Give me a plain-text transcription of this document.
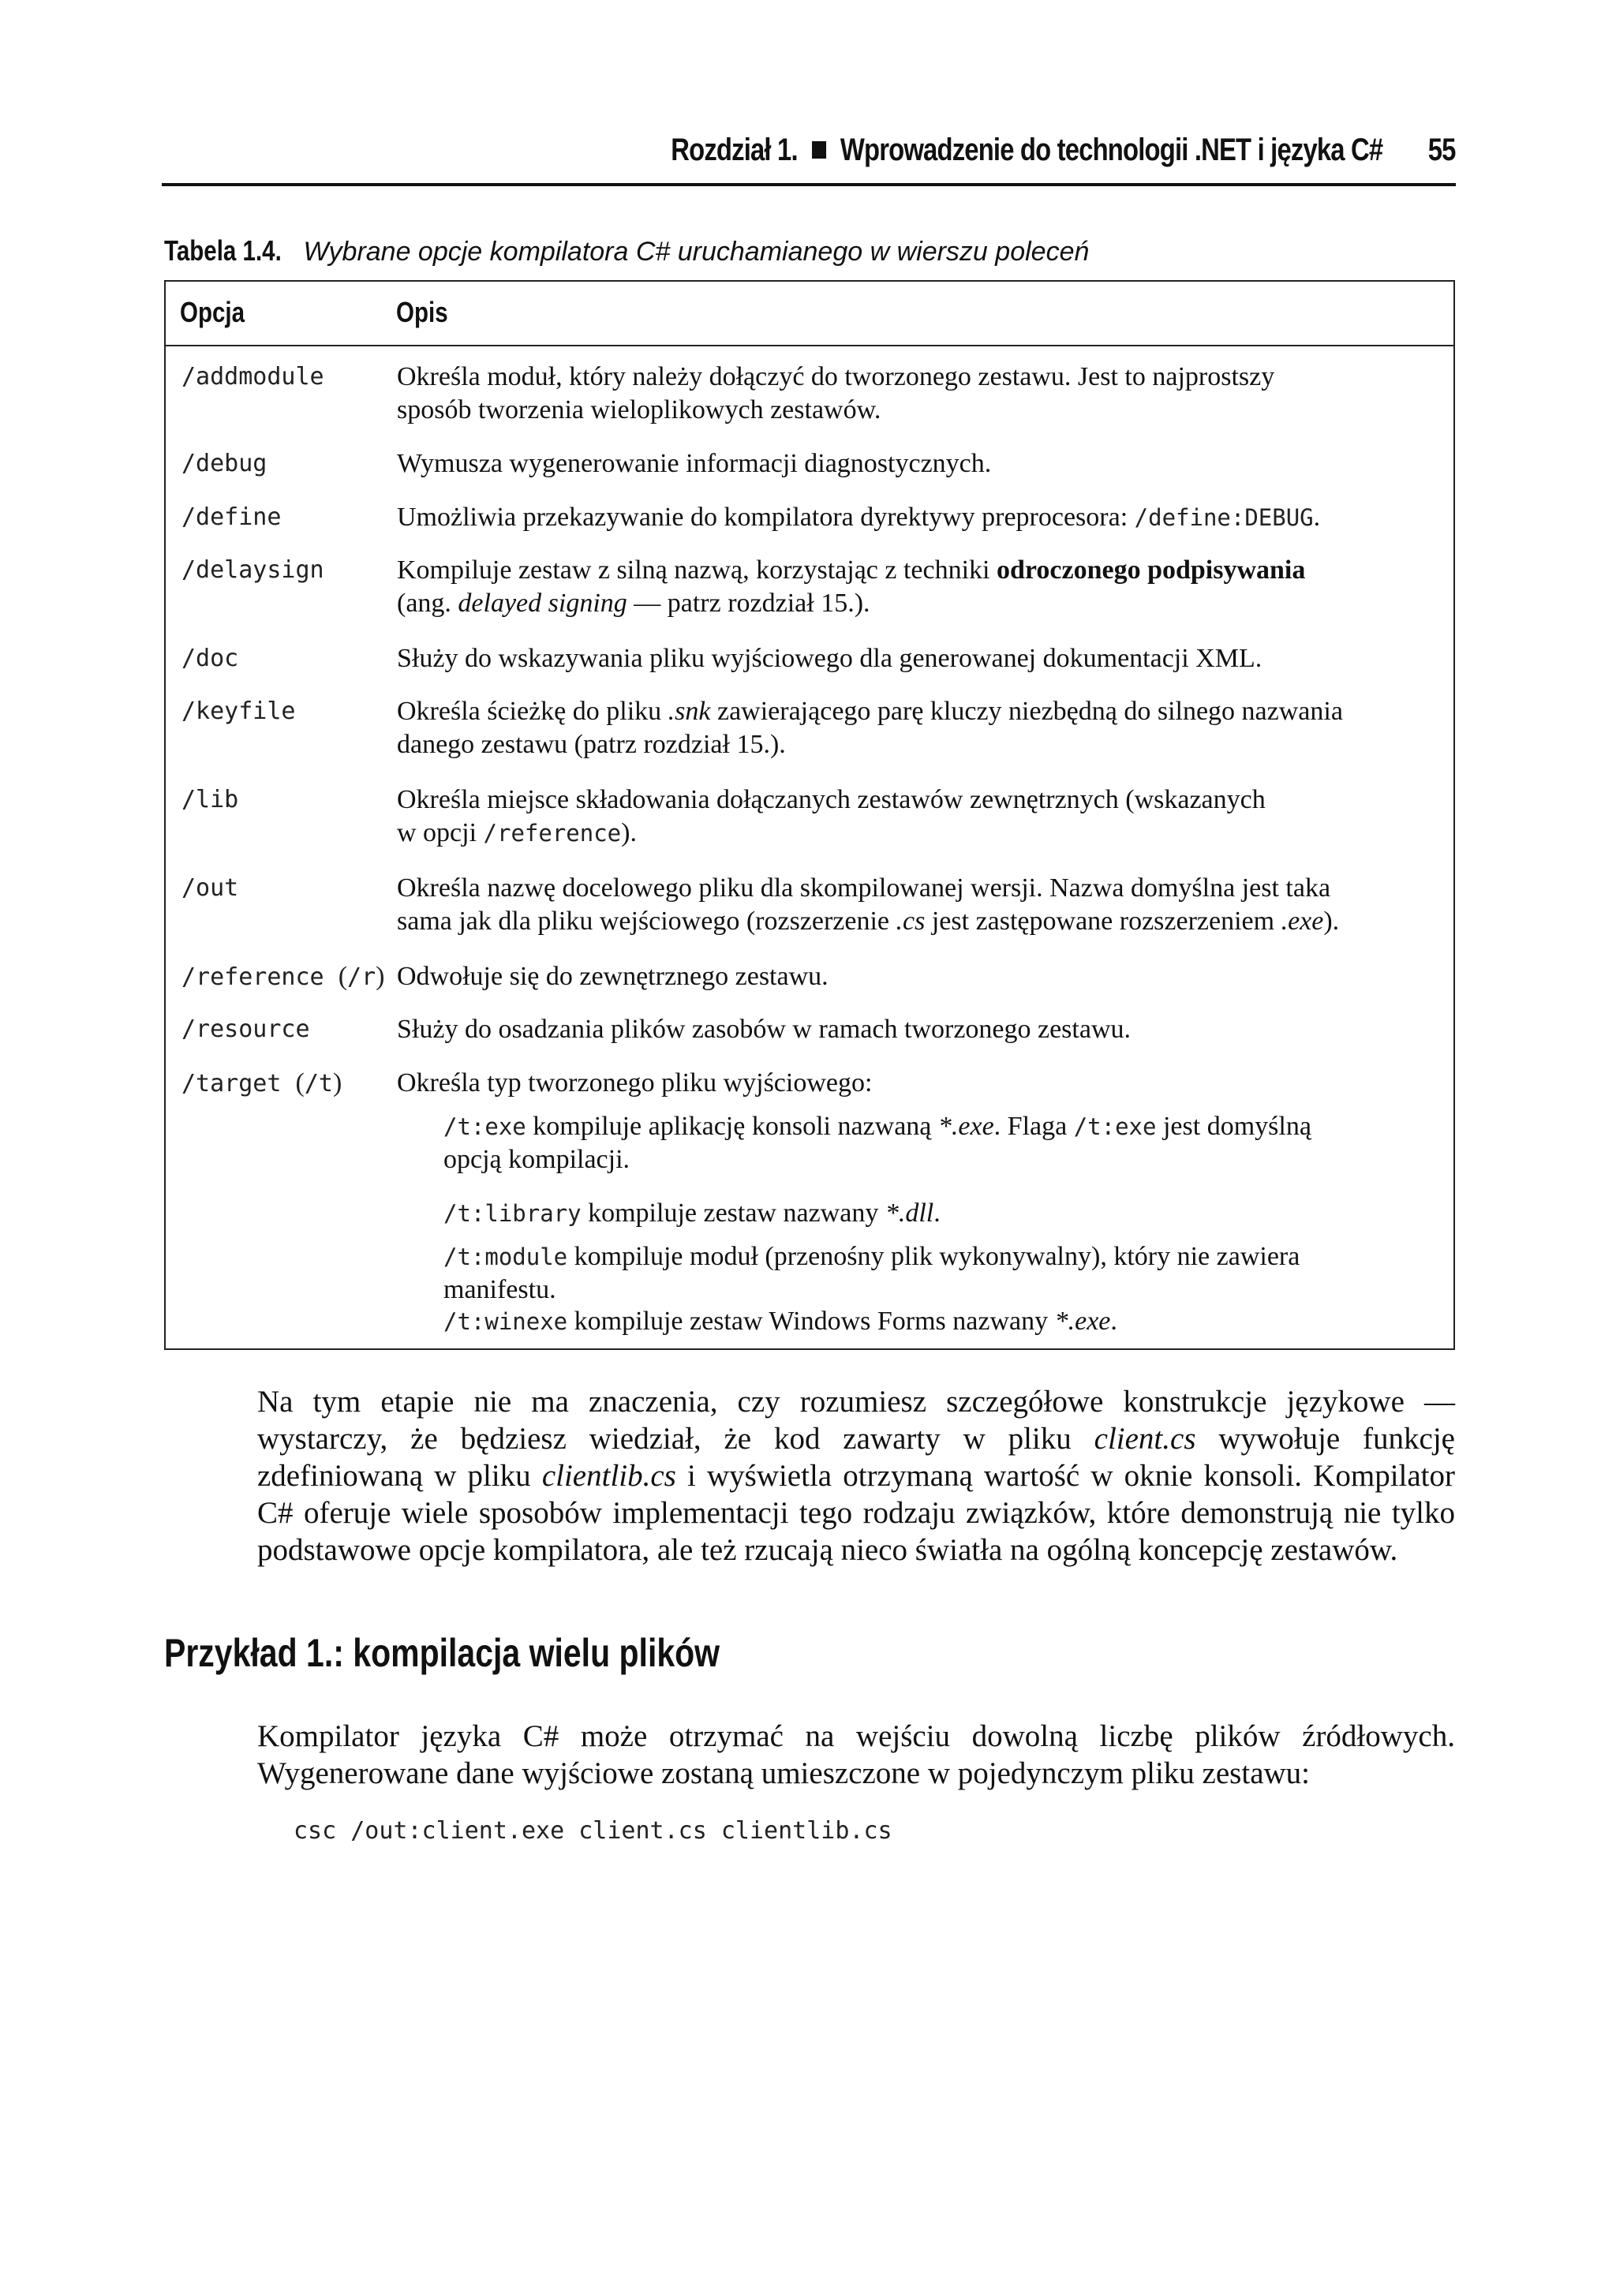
Rozdział 1. Wprowadzenie do technologii .NET i języka C# 55
Tabela 1.4. Wybrane opcje kompilatora C# uruchamianego w wierszu poleceń
Opcja	Opis
/addmodule	Określa moduł, który należy dołączyć do tworzonego zestawu. Jest to najprostszy
sposób tworzenia wieloplikowych zestawów.
/debug	Wymusza wygenerowanie informacji diagnostycznych.
/define	Umożliwia przekazywanie do kompilatora dyrektywy preprocesora: /define:DEBUG.
/delaysign	Kompiluje zestaw z silną nazwą, korzystając z techniki odroczonego podpisywania
(ang. delayed signing — patrz rozdział 15.).
/doc	Służy do wskazywania pliku wyjściowego dla generowanej dokumentacji XML.
/keyfile	Określa ścieżkę do pliku .snk zawierającego parę kluczy niezbędną do silnego nazwania
danego zestawu (patrz rozdział 15.).
/lib	Określa miejsce składowania dołączanych zestawów zewnętrznych (wskazanych
w opcji /reference).
/out	Określa nazwę docelowego pliku dla skompilowanej wersji. Nazwa domyślna jest taka
sama jak dla pliku wejściowego (rozszerzenie .cs jest zastępowane rozszerzeniem .exe).
/reference (/r) Odwołuje się do zewnętrznego zestawu.
/resource	Służy do osadzania plików zasobów w ramach tworzonego zestawu.
/target (/t) Określa typ tworzonego pliku wyjściowego:
/t:exe kompiluje aplikację konsoli nazwaną *.exe. Flaga /t:exe jest domyślną
opcją kompilacji.
/t:library kompiluje zestaw nazwany *.dll.
/t:module kompiluje moduł (przenośny plik wykonywalny), który nie zawiera
manifestu.
/t:winexe kompiluje zestaw Windows Forms nazwany *.exe.

Na tym etapie nie ma znaczenia, czy rozumiesz szczegółowe konstrukcje językowe — wystarczy, że będziesz wiedział, że kod zawarty w pliku client.cs wywołuje funkcję zdefiniowaną w pliku clientlib.cs i wyświetla otrzymaną wartość w oknie konsoli. Kompilator C# oferuje wiele sposobów implementacji tego rodzaju związków, które demonstrują nie tylko podstawowe opcje kompilatora, ale też rzucają nieco światła na ogólną koncepcję zestawów.

Przykład 1.: kompilacja wielu plików

Kompilator języka C# może otrzymać na wejściu dowolną liczbę plików źródłowych. Wygenerowane dane wyjściowe zostaną umieszczone w pojedynczym pliku zestawu:

csc /out:client.exe client.cs clientlib.cs
